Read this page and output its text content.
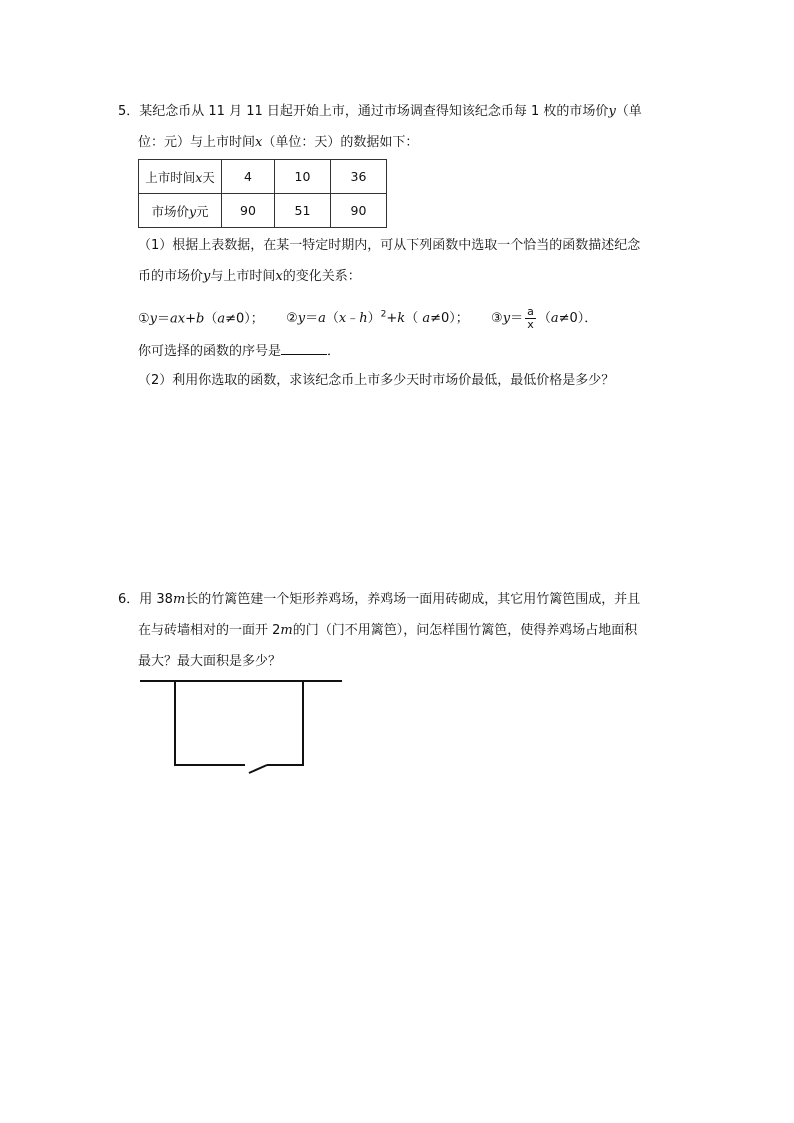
5．某纪念币从 11 月 11 日起开始上市，通过市场调查得知该纪念币每 1 枚的市场价y（单
位：元）与上市时间x（单位：天）的数据如下：
上市时间x天	4	10	36
市场价y元	90	51	90
（1）根据上表数据，在某一特定时期内，可从下列函数中选取一个恰当的函数描述纪念
币的市场价y与上市时间x的变化关系：
①y＝ax+b（a≠0）； ②y＝a（x﹣h）$^2$+k（ a≠0）； ③y＝ $\frac{a}{x} (a\ne 0)$．
你可选择的函数的序号是	．
（2）利用你选取的函数，求该纪念币上市多少天时市场价最低，最低价格是多少？
6．用 38m长的竹篱笆建一个矩形养鸡场，养鸡场一面用砖砌成，其它用竹篱笆围成，并且
在与砖墙相对的一面开 2m的门（门不用篱笆），问怎样围竹篱笆，使得养鸡场占地面积
最大？最大面积是多少？
